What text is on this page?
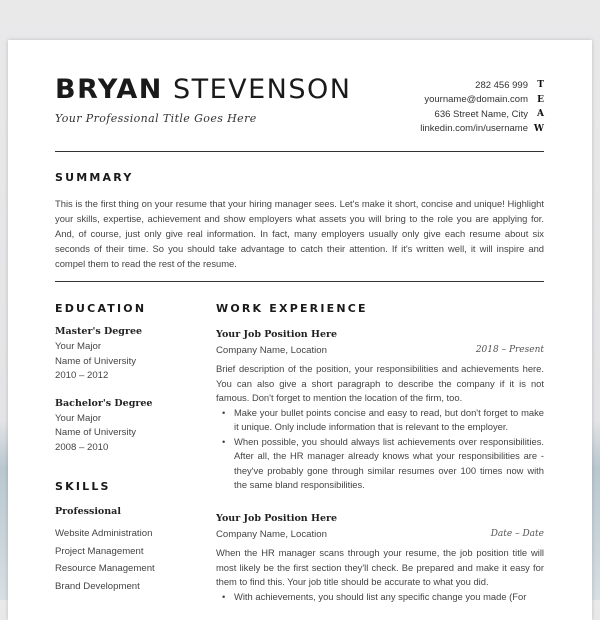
BRYAN STEVENSON
Your Professional Title Goes Here
282 456 999	T
yourname@domain.com	E
636 Street Name, City	A
linkedin.com/in/username W
SUMMARY
This is the first thing on your resume that your hiring manager sees. Let's make it short, concise and unique! Highlight your skills, expertise, achievement and show employers what assets you will bring to the role you are applying for. And, of course, just only give real information. In fact, many employers usually only give each resume about six seconds of their time. So you should take advantage to catch their attention. If it's written well, it will inspire and compel them to read the rest of the resume.
EDUCATION
Master's Degree
Your Major
Name of University
2010 – 2012
Bachelor's Degree
Your Major
Name of University
2008 – 2010
SKILLS
Professional
Website Administration
Project Management
Resource Management
Brand Development
WORK EXPERIENCE
Your Job Position Here
Company Name, Location	2018 – Present
Brief description of the position, your responsibilities and achievements here. You can also give a short paragraph to describe the company if it is not famous. Don't forget to mention the location of the firm, too.
• Make your bullet points concise and easy to read, but don't forget to make it unique. Only include information that is relevant to the employer.
• When possible, you should always list achievements over responsibilities. After all, the HR manager already knows what your responsibilities are - they've probably gone through similar resumes over 100 times now with the same bland responsibilities.
Your Job Position Here
Company Name, Location	Date – Date
When the HR manager scans through your resume, the job position title will most likely be the first section they'll check. Be prepared and make it easy for them to find this. Your job title should be accurate to what you did.
• With achievements, you should list any specific change you made (For
